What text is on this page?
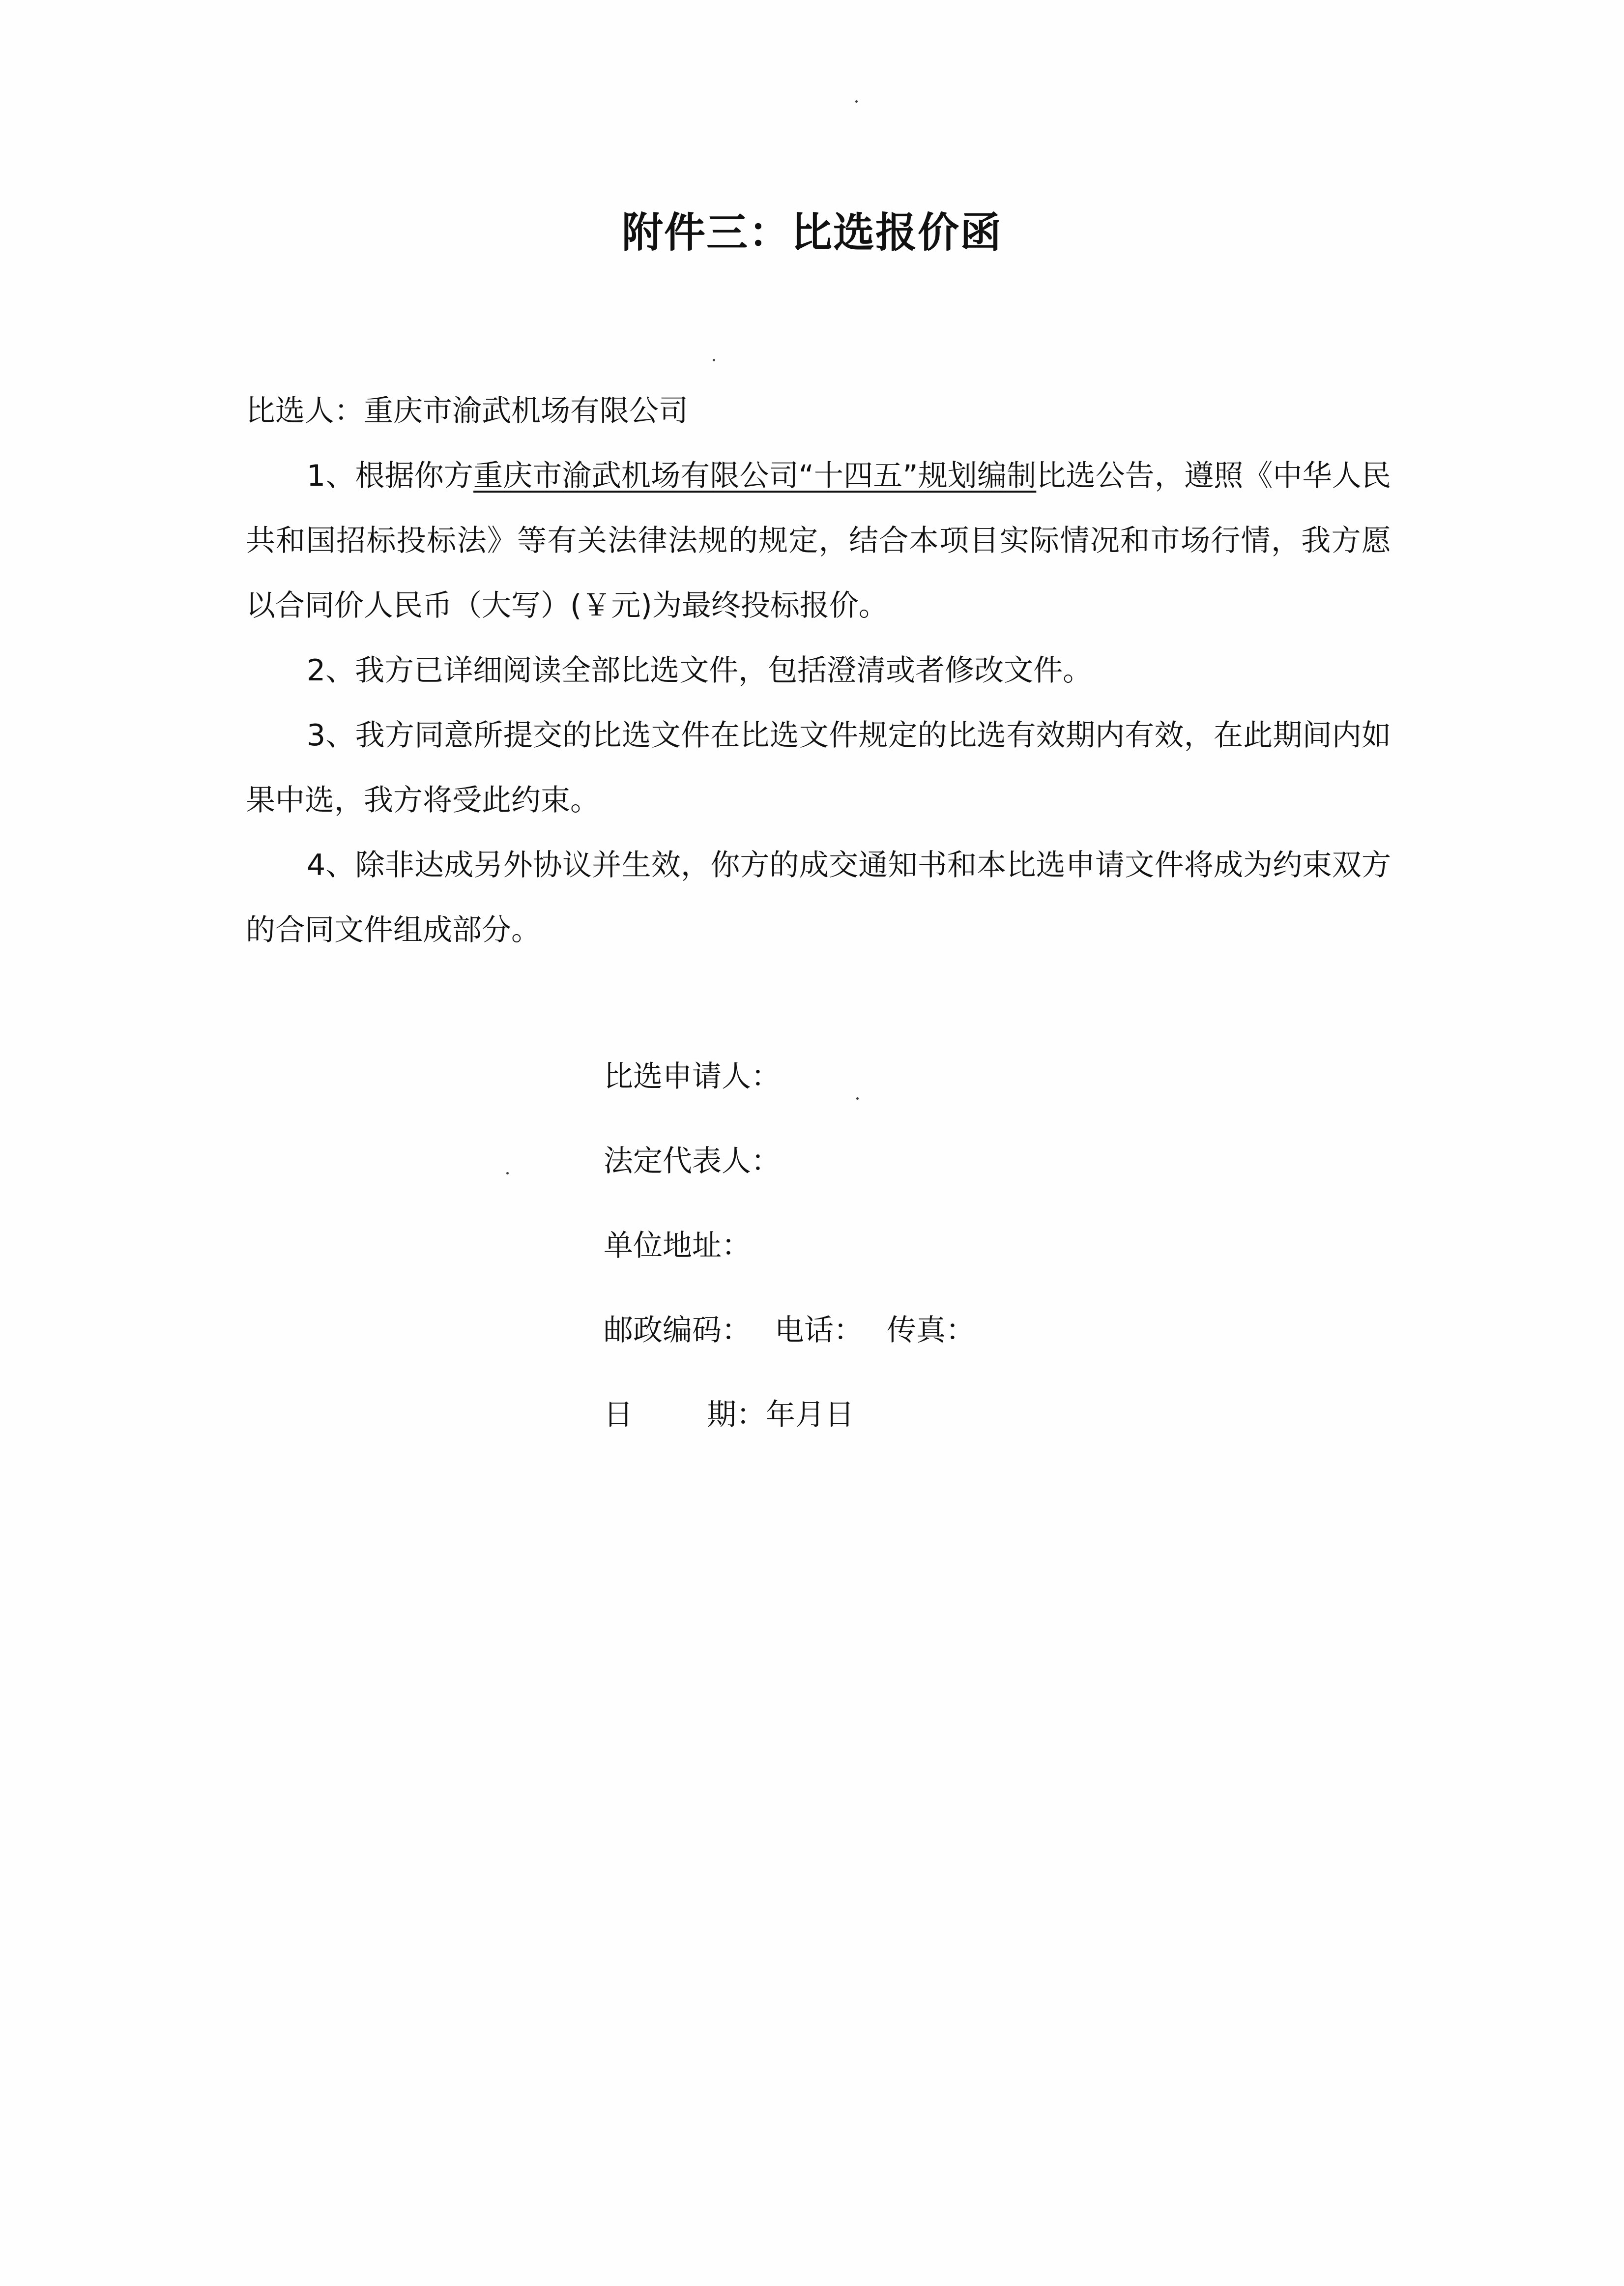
附件三：比选报价函
比选人：重庆市渝武机场有限公司

1、根据你方重庆市渝武机场有限公司“十四五”规划编制比选公告，遵照《中华人民共和国招标投标法》等有关法律法规的规定，结合本项目实际情况和市场行情，我方愿以合同价人民币（大写）(￥元)为最终投标报价。

2、我方已详细阅读全部比选文件，包括澄清或者修改文件。

3、我方同意所提交的比选文件在比选文件规定的比选有效期内有效，在此期间内如果中选，我方将受此约束。

4、除非达成另外协议并生效，你方的成交通知书和本比选申请文件将成为约束双方的合同文件组成部分。

比选申请人：

法定代表人：

单位地址：

邮政编码： 电话： 传真：

日	期：年月日
